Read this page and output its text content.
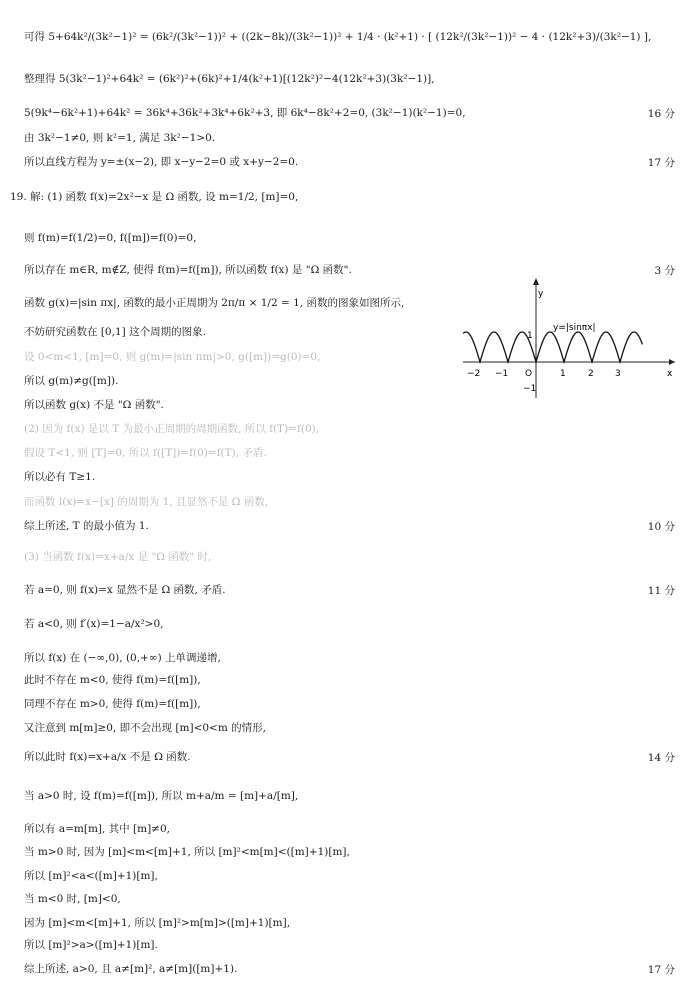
可得 5+64k²/(3k²−1)² = (6k²/(3k²−1))² + ((2k−8k)/(3k²−1))² + 1/4 · (k²+1) · [ (12k²/(3k²−1))² − 4 · (12k²+3)/(3k²−1) ],
整理得 5(3k²−1)²+64k² = (6k²)²+(6k)²+1/4(k²+1)[(12k²)²−4(12k²+3)(3k²−1)],
5(9k⁴−6k²+1)+64k² = 36k⁴+36k²+3k⁴+6k²+3, 即 6k⁴−8k²+2=0, (3k²−1)(k²−1)=0,	16 分
由 3k²−1≠0, 则 k²=1, 满足 3k²−1>0.
所以直线方程为 y=±(x−2), 即 x−y−2=0 或 x+y−2=0.	17 分
19. 解: (1) 函数 f(x)=2x²−x 是 Ω 函数, 设 m=1/2, [m]=0,
则 f(m)=f(1/2)=0, f([m])=f(0)=0,
所以存在 m∈R, m∉Z, 使得 f(m)=f([m]), 所以函数 f(x) 是 "Ω 函数".	3 分
函数 g(x)=|sin πx|, 函数的最小正周期为 2π/π × 1/2 = 1, 函数的图象如图所示,
不妨研究函数在 [0,1] 这个周期的图象.
设 0<m<1, [m]=0, 则 g(m)=|sin πm|>0, g([m])=g(0)=0,
所以 g(m)≠g([m]).
所以函数 g(x) 不是 "Ω 函数".
(2) 因为 f(x) 是以 T 为最小正周期的周期函数, 所以 f(T)=f(0),
假设 T<1, 则 [T]=0, 所以 f([T])=f(0)=f(T), 矛盾.
所以必有 T≥1.
而函数 l(x)=x−[x] 的周期为 1, 且显然不是 Ω 函数,
综上所述, T 的最小值为 1.	10 分
(3) 当函数 f(x)=x+a/x 是 "Ω 函数" 时,
若 a=0, 则 f(x)=x 显然不是 Ω 函数, 矛盾.	11 分
若 a<0, 则 f′(x)=1−a/x²>0,
所以 f(x) 在 (−∞,0), (0,+∞) 上单调递增,
此时不存在 m<0, 使得 f(m)=f([m]),
同理不存在 m>0, 使得 f(m)=f([m]),
又注意到 m[m]≥0, 即不会出现 [m]<0<m 的情形,
所以此时 f(x)=x+a/x 不是 Ω 函数.	14 分
当 a>0 时, 设 f(m)=f([m]), 所以 m+a/m = [m]+a/[m],
所以有 a=m[m], 其中 [m]≠0,
当 m>0 时, 因为 [m]<m<[m]+1, 所以 [m]²<m[m]<([m]+1)[m],
所以 [m]²<a<([m]+1)[m],
当 m<0 时, [m]<0,
因为 [m]<m<[m]+1, 所以 [m]²>m[m]>([m]+1)[m],
所以 [m]²>a>([m]+1)[m].
综上所述, a>0, 且 a≠[m]², a≠[m]([m]+1).	17 分
y
x
y=|sinπx|
−2 −1 O	1 2 3
1
−1
